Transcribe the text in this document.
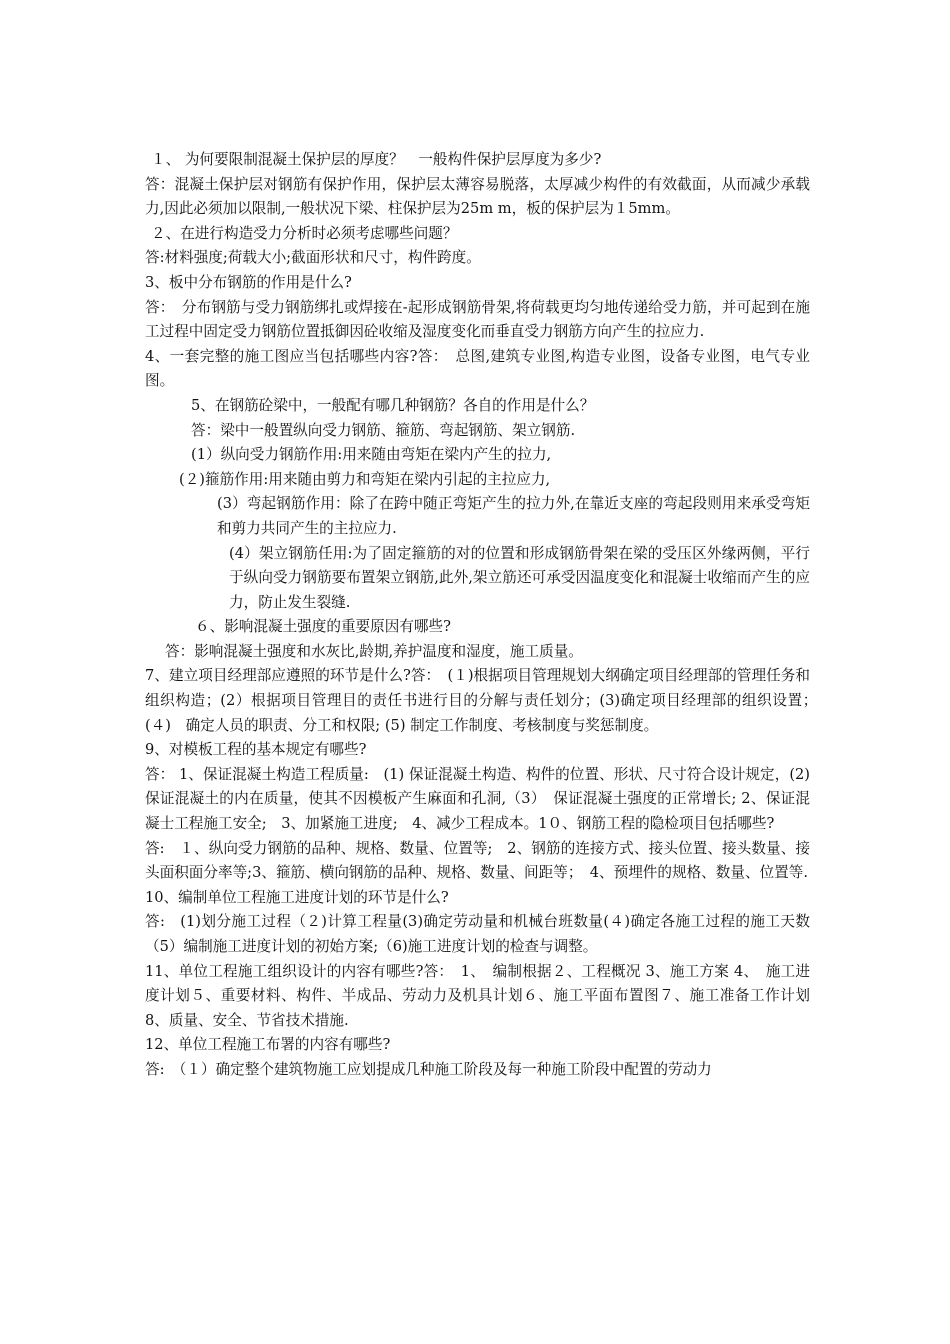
１、 为何要限制混凝土保护层的厚度？　一般构件保护层厚度为多少?

答：混凝土保护层对钢筋有保护作用，保护层太薄容易脱落，太厚减少构件的有效截面，从而减少承载力,因此必须加以限制,一般状况下梁、柱保护层为25m m，板的保护层为１5mm。

２、在进行构造受力分析时必须考虑哪些问题？

答:材料强度;荷载大小;截面形状和尺寸，构件跨度。

3、板中分布钢筋的作用是什么?

答：　分布钢筋与受力钢筋绑扎或焊接在-起形成钢筋骨架,将荷载更均匀地传递给受力筋，并可起到在施工过程中固定受力钢筋位置抵御因砼收缩及湿度变化而垂直受力钢筋方向产生的拉应力.

4、一套完整的施工图应当包括哪些内容?答：　总图,建筑专业图,构造专业图，设备专业图，电气专业图。

5、在钢筋砼梁中，一般配有哪几种钢筋？各自的作用是什么？

答：梁中一般置纵向受力钢筋、箍筋、弯起钢筋、架立钢筋.

(1）纵向受力钢筋作用:用来随由弯矩在梁内产生的拉力,

(２)箍筋作用:用来随由剪力和弯矩在梁内引起的主拉应力,

(3）弯起钢筋作用：除了在跨中随正弯矩产生的拉力外,在靠近支座的弯起段则用来承受弯矩和剪力共同产生的主拉应力.

(4）架立钢筋任用:为了固定箍筋的对的位置和形成钢筋骨架在梁的受压区外缘两侧，平行于纵向受力钢筋要布置架立钢筋,此外,架立筋还可承受因温度变化和混凝士收缩而产生的应力，防止发生裂缝.

６、影响混凝土强度的重要原因有哪些?

答：影响混凝土强度和水灰比,龄期,养护温度和湿度，施工质量。

7、建立项目经理部应遵照的环节是什么?答：　(１)根据项目管理规划大纲确定项目经理部的管理任务和组织构造；(2）根据项目管理目的责任书进行目的分解与责任划分；(3)确定项目经理部的组织设置；　(４)　确定人员的职责、分工和权限; (5) 制定工作制度、考核制度与奖惩制度。

9、对模板工程的基本规定有哪些?

答： 1、保证混凝土构造工程质量:　(1) 保证混凝土构造、构件的位置、形状、尺寸符合设计规定，(2)　保证混凝土的内在质量，使其不因模板产生麻面和孔洞,（3）　保证混凝土强度的正常增长; 2、保证混凝士工程施工安全;　3、加紧施工进度;　4、减少工程成本。1０、钢筋工程的隐检项目包括哪些?

答:　１、纵向受力钢筋的品种、规格、数量、位置等;　2、钢筋的连接方式、接头位置、接头数量、接头面积面分率等;3、箍筋、横向钢筋的品种、规格、数量、间距等；　4、预埋件的规格、数量、位置等.

10、编制单位工程施工进度计划的环节是什么?

答:　(1)划分施工过程（２)计算工程量(3)确定劳动量和机械台班数量(４)确定各施工过程的施工天数（5）编制施工进度计划的初始方案;（6)施工进度计划的检查与调整。

11、单位工程施工组织设计的内容有哪些?答：　1、　编制根据２、工程概况 3、施工方案 4、　施工进度计划５、重要材料、构件、半成品、劳动力及机具计划６、施工平面布置图７、施工准备工作计划8、质量、安全、节省技术措施.

12、单位工程施工布署的内容有哪些?

答:　（１）确定整个建筑物施工应划提成几种施工阶段及每一种施工阶段中配置的劳动力
